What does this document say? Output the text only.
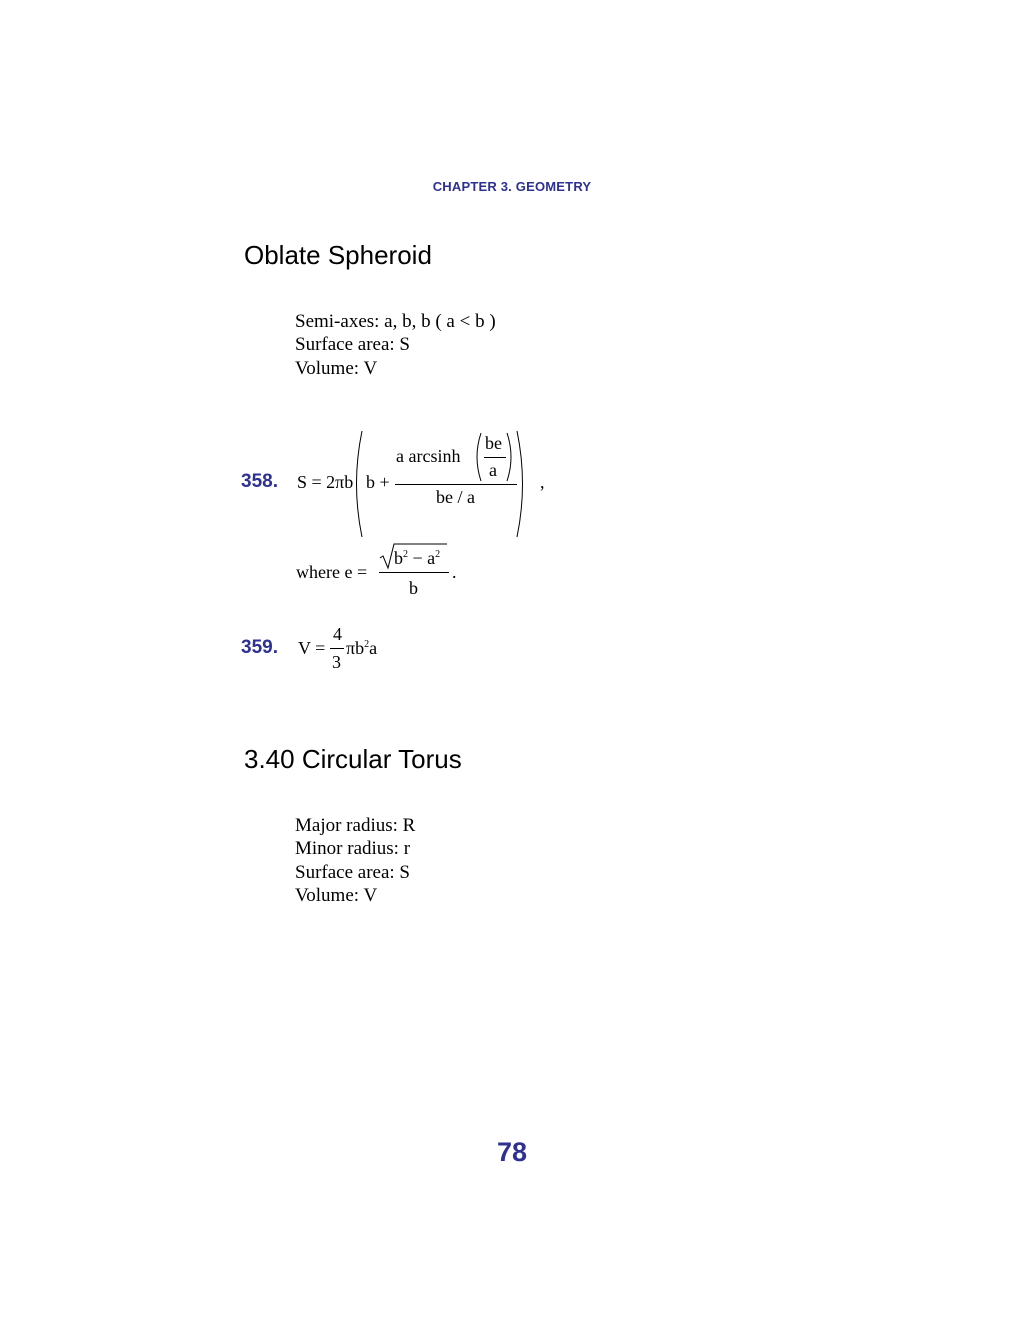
CHAPTER 3. GEOMETRY
Oblate Spheroid
Semi-axes: a, b, b ( a < b )
Surface area: S
Volume: V
358. S = 2πb b +
a arcsinh
be
a
be / a
,
where e =
$b^2 - a^2$
b
.
359. V =
4
3
$\pi b^2a$
3.40 Circular Torus
Major radius: R
Minor radius: r
Surface area: S
Volume: V
78
